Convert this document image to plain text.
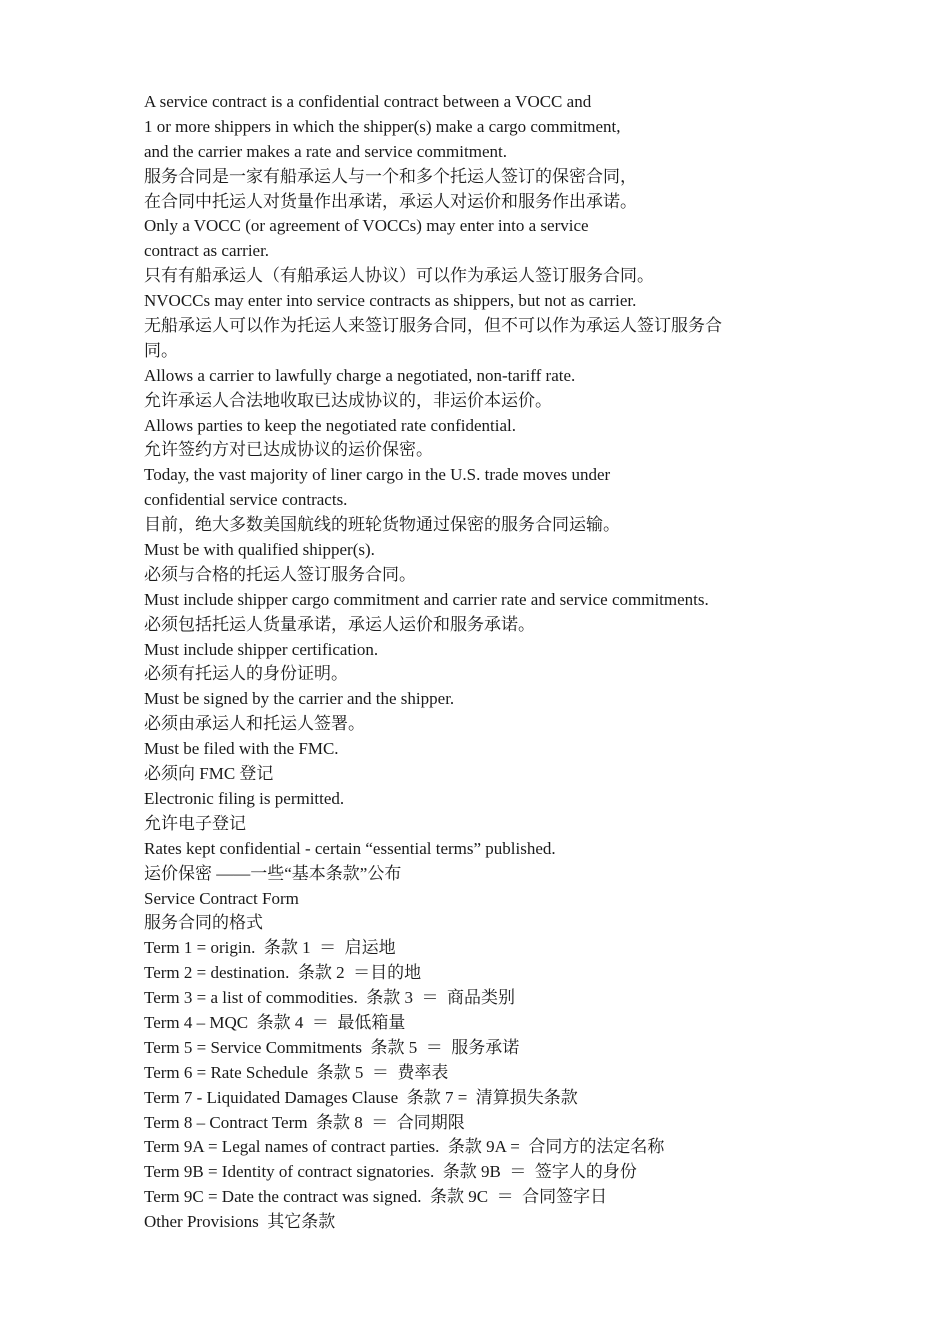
A service contract is a confidential contract between a VOCC and
1 or more shippers in which the shipper(s) make a cargo commitment,
and the carrier makes a rate and service commitment.
服务合同是一家有船承运人与一个和多个托运人签订的保密合同，
在合同中托运人对货量作出承诺，承运人对运价和服务作出承诺。
Only a VOCC (or agreement of VOCCs) may enter into a service
contract as carrier.
只有有船承运人（有船承运人协议）可以作为承运人签订服务合同。
NVOCCs may enter into service contracts as shippers, but not as carrier.
无船承运人可以作为托运人来签订服务合同，但不可以作为承运人签订服务合
同。
Allows a carrier to lawfully charge a negotiated, non-tariff rate.
允许承运人合法地收取已达成协议的，非运价本运价。
Allows parties to keep the negotiated rate confidential.
允许签约方对已达成协议的运价保密。
Today, the vast majority of liner cargo in the U.S. trade moves under
confidential service contracts.
目前，绝大多数美国航线的班轮货物通过保密的服务合同运输。
Must be with qualified shipper(s).
必须与合格的托运人签订服务合同。
Must include shipper cargo commitment and carrier rate and service commitments.
必须包括托运人货量承诺，承运人运价和服务承诺。
Must include shipper certification.
必须有托运人的身份证明。
Must be signed by the carrier and the shipper.
必须由承运人和托运人签署。
Must be filed with the FMC.
必须向 FMC 登记
Electronic filing is permitted.
允许电子登记
Rates kept confidential - certain “essential terms” published.
运价保密 ——一些“基本条款”公布
Service Contract Form
服务合同的格式
Term 1 = origin.  条款 1  ＝  启运地
Term 2 = destination.  条款 2  ＝目的地
Term 3 = a list of commodities.  条款 3  ＝  商品类别
Term 4 – MQC  条款 4  ＝  最低箱量
Term 5 = Service Commitments  条款 5  ＝  服务承诺
Term 6 = Rate Schedule  条款 5  ＝  费率表
Term 7 - Liquidated Damages Clause  条款 7 =  清算损失条款
Term 8 – Contract Term  条款 8  ＝  合同期限
Term 9A = Legal names of contract parties.  条款 9A =  合同方的法定名称
Term 9B = Identity of contract signatories.  条款 9B  ＝  签字人的身份
Term 9C = Date the contract was signed.  条款 9C  ＝  合同签字日
Other Provisions  其它条款
